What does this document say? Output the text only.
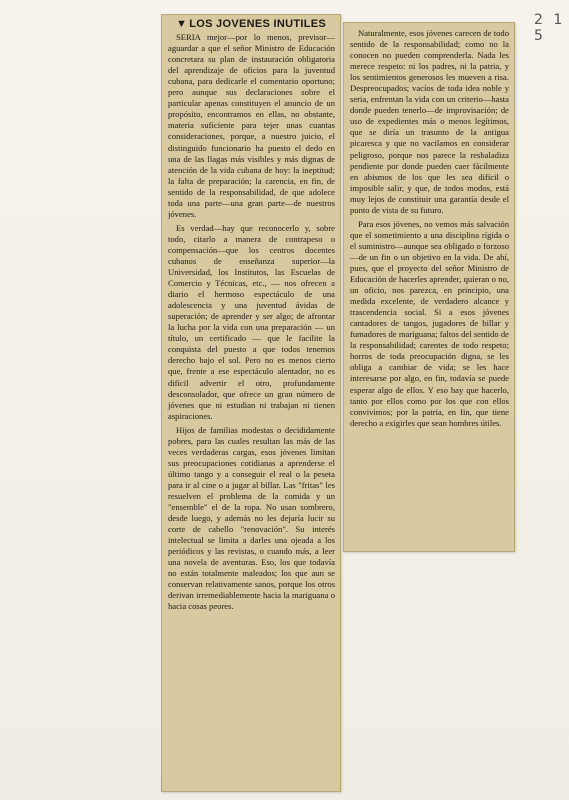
2 1 5
▼ LOS JOVENES INUTILES

SERIA mejor—por lo menos, previsor— aguardar a que el señor Ministro de Educación concretara su plan de instauración obligatoria del aprendizaje de oficios para la juventud cubana, para dedicarle el comentario oportuno; pero aunque sus declaraciones sobre el particular apenas constituyen el anuncio de un propósito, encontramos en ellas, no obstante, materia suficiente para tejer unas cuantas consideraciones, porque, a nuestro juicio, el distinguido funcionario ha puesto el dedo en una de las llagas más visibles y más dignas de atención de la vida cubana de hoy: la ineptitud; la falta de preparación; la carencia, en fin, de sentido de la responsabilidad, de que adolece toda una parte—una gran parte—de nuestros jóvenes.

Es verdad—hay que reconocerlo y, sobre todo, citarlo a manera de contrapeso o compensación—que los centros docentes cubanos de enseñanza superior—la Universidad, los Institutos, las Escuelas de Comercio y Técnicas, etc., — nos ofrecen a diario el hermoso espectáculo de una adolescencia y una juventud ávidas de superación; de aprender y ser algo; de afrontar la lucha por la vida con una preparación — un título, un certificado — que le facilite la conquista del puesto a que todos tenemos derecho bajo el sol. Pero no es menos cierto que, frente a ese espectáculo alentador, no es difícil advertir el otro, profundamente desconsolador, que ofrece un gran número de jóvenes que ni estudian ni trabajan ni tienen aspiraciones.

Hijos de familias modestas o decididamente pobres, para las cuales resultan las más de las veces verdaderas cargas, esos jóvenes limitan sus preocupaciones cotidianas a aprenderse el último tango y a conseguir el real o la peseta para ir al cine o a jugar al billar. Las "fritas" les resuelven el problema de la comida y un "ensemble" el de la ropa. No usan sombrero, desde luego, y además no les dejaría lucir su corte de cabello "renovación". Su interés intelectual se limita a darles una ojeada a los periódicos y las revistas, o cuando más, a leer una novela de aventuras. Eso, los que todavía no están totalmente maleados; los que aun se conservan relativamente sanos, porque los otros derivan irremediablemente hacia la mariguana o hacia cosas peores.

Naturalmente, esos jóvenes carecen de todo sentido de la responsabilidad; como no la conocen no pueden comprenderla. Nada les merece respeto: ni los padres, ni la patria, y los sentimientos generosos les mueven a risa. Despreocupados; vacíos de toda idea noble y seria, enfrentan la vida con un criterio—hasta donde pueden tenerlo—de improvisación; de uso de expedientes más o menos legítimos, que se diría un trasunto de la antigua picaresca y que no vacilamos en considerar peligroso, porque nos parece la resbaladiza pendiente por donde pueden caer fácilmente en abismos de los que les sea difícil o imposible salir, y que, de todos modos, está muy lejos de constituir una garantía desde el punto de vista de su futuro.

Para esos jóvenes, no vemos más salvación que el sometimiento a una disciplina rígida o el suministro—aunque sea obligado o forzoso—de un fin o un objetivo en la vida. De ahí, pues, que el proyecto del señor Ministro de Educación de hacerles aprender, quieran o no, un oficio, nos parezca, en principio, una medida excelente, de verdadero alcance y trascendencia social. Si a esos jóvenes cantadores de tangos, jugadores de billar y fumadores de mariguana; faltos del sentido de la responsabilidad; carentes de todo respeto; horros de toda preocupación digna, se les obliga a cambiar de vida; se les hace interesarse por algo, en fin, todavía se puede esperar algo de ellos. Y eso hay que hacerlo, tanto por ellos como por los que con ellos convivimos; por la patria, en fin, que tiene derecho a exigirles que sean hombres útiles.
